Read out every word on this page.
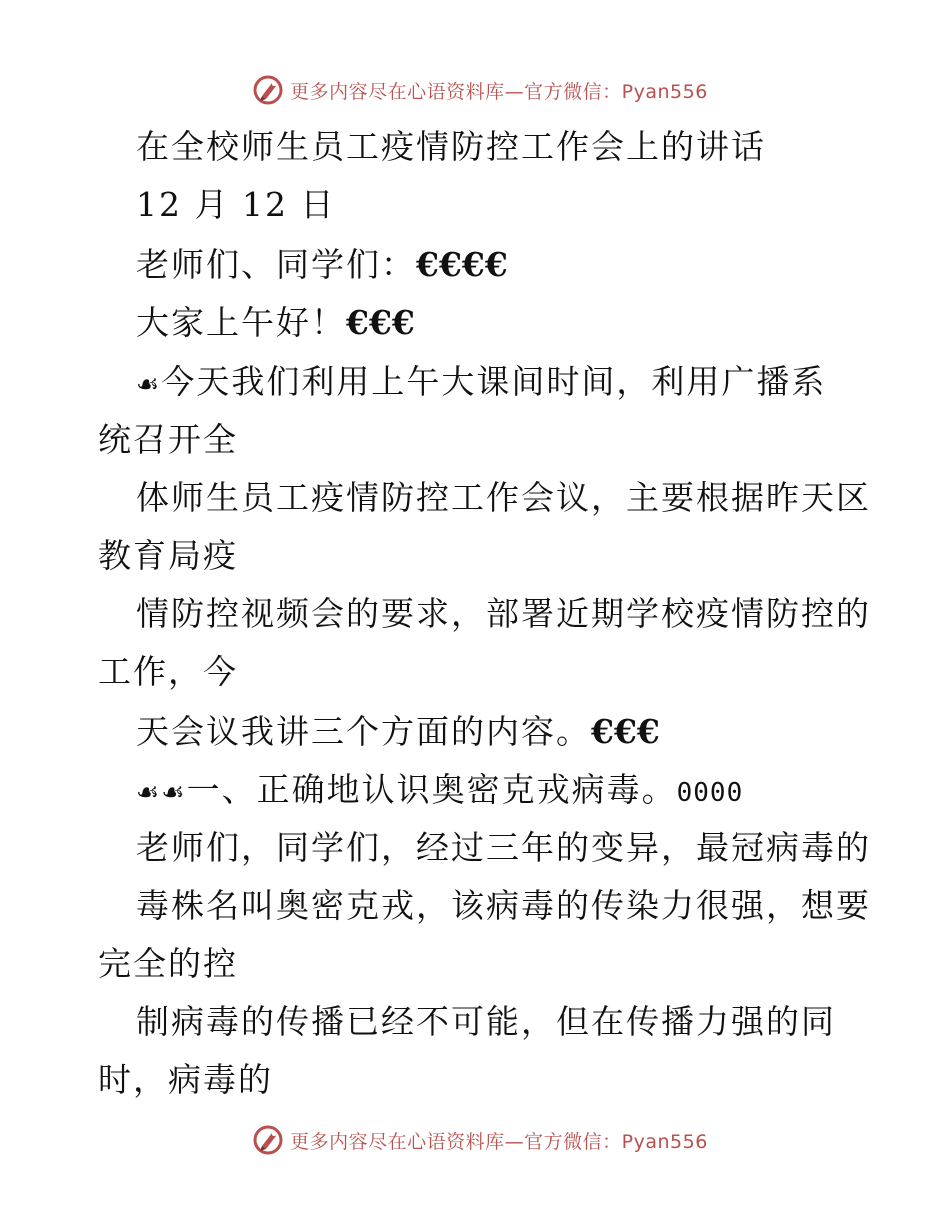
更多内容尽在心语资料库—官方微信：Pyan556
在全校师生员工疫情防控工作会上的讲话
12 月 12 日
老师们、同学们：€€€€
大家上午好！€€€
☙今天我们利用上午大课间时间，利用广播系
统召开全
体师生员工疫情防控工作会议，主要根据昨天区
教育局疫
情防控视频会的要求，部署近期学校疫情防控的
工作，今
天会议我讲三个方面的内容。€€€
☙☙一、正确地认识奥密克戎病毒。0000
老师们，同学们，经过三年的变异，最冠病毒的
毒株名叫奥密克戎，该病毒的传染力很强，想要
完全的控
制病毒的传播已经不可能，但在传播力强的同
时，病毒的
更多内容尽在心语资料库—官方微信：Pyan556
